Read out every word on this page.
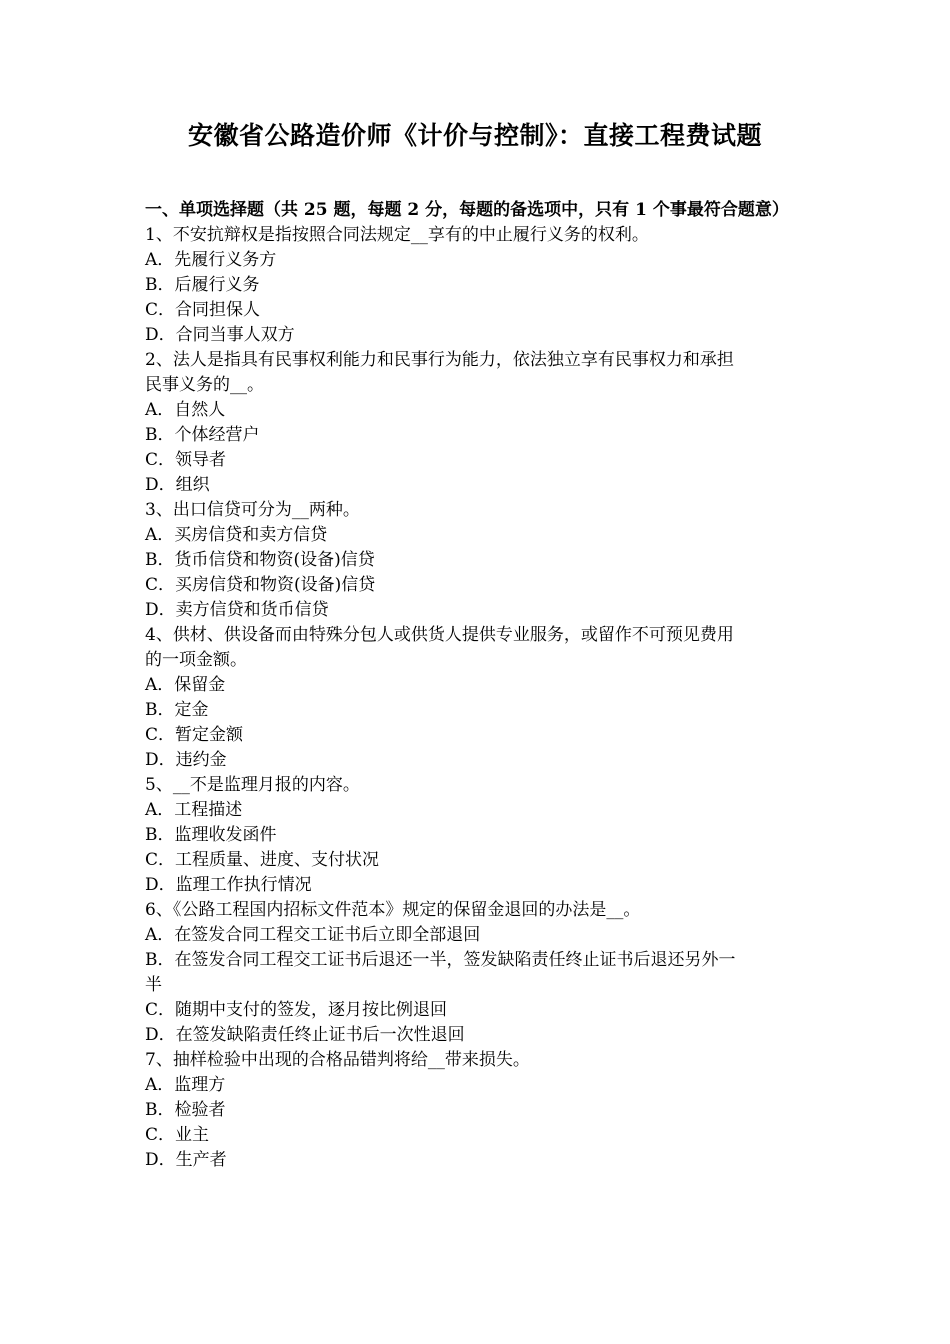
安徽省公路造价师《计价与控制》：直接工程费试题
一、单项选择题（共 25 题，每题 2 分，每题的备选项中，只有 1 个事最符合题意）
1、不安抗辩权是指按照合同法规定__享有的中止履行义务的权利。
A．先履行义务方
B．后履行义务
C．合同担保人
D．合同当事人双方
2、法人是指具有民事权利能力和民事行为能力，依法独立享有民事权力和承担
民事义务的__。
A．自然人
B．个体经营户
C．领导者
D．组织
3、出口信贷可分为__两种。
A．买房信贷和卖方信贷
B．货币信贷和物资(设备)信贷
C．买房信贷和物资(设备)信贷
D．卖方信贷和货币信贷
4、供材、供设备而由特殊分包人或供货人提供专业服务，或留作不可预见费用
的一项金额。
A．保留金
B．定金
C．暂定金额
D．违约金
5、__不是监理月报的内容。
A．工程描述
B．监理收发函件
C．工程质量、进度、支付状况
D．监理工作执行情况
6、《公路工程国内招标文件范本》规定的保留金退回的办法是__。
A．在签发合同工程交工证书后立即全部退回
B．在签发合同工程交工证书后退还一半，签发缺陷责任终止证书后退还另外一
半
C．随期中支付的签发，逐月按比例退回
D．在签发缺陷责任终止证书后一次性退回
7、抽样检验中出现的合格品错判将给__带来损失。
A．监理方
B．检验者
C．业主
D．生产者
